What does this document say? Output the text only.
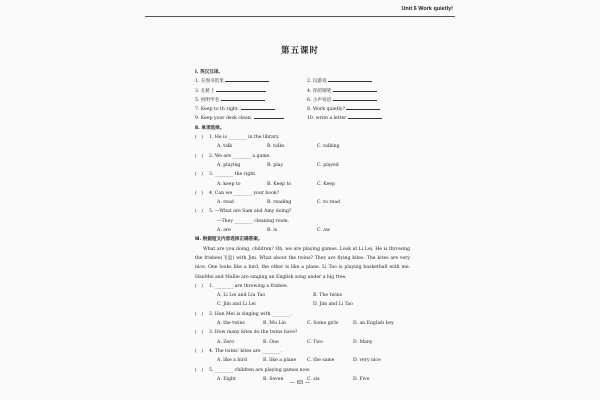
Unit 6 Work quietly!
第五课时
Ⅰ. 英汉互译。
1. 在图书馆里	2. 玩游戏
3. 在桥上	4. 你的钢笔
5. 检明学名	6. 小声说话
7. Keep to th right.	8. Work quietly?
9. Keep your desk clean.	10. write a letter
Ⅱ. 单项选择。
(   ) 1. He is ________ in the library.
A. talk	B. talks	C. talking
(   ) 2. We are ________ a game.
A. playing	B. play	C. played
(   ) 3. ________ the right.
A. keep to	B. Keep to	C. Keep
(   ) 4. Can we ________ your book?
A. read	B. reading	C. to read
(   ) 5. —What are Sam and Amy doing?
—They ________ cleaning room.
A. are	B. is	C. aw
Ⅲ. 根据短文内容选择正确答案。
What are you doing, children? Oh, we are playing games. Look at Li Lei, He is throwing the frisbee(飞盘) with Jim. What about the twins? They are flying kites. The kites are very nice. One looks like a bird, the other is like a plane. Li Tao is playing basketball with me. HanMei and Mallie are singing an English song under a big tree.
(   ) 1. ________ are throwing a frisbee.
A. Li Lei and Liu Tao	B. The twins
C. Jim and Li Lei	D. Jim and Li Tao
(   ) 2. Han Mei is singing with ________.
A. the twins	B. Mu Lin	C. Some girls	D. an English boy
(   ) 3. How many kites do the twins have?
A. Zero	B. One	C. Two	D. Many
(   ) 4. The twins' kites are ________.
A. like a bird	B. like a plane C. the same	D. very nice
(   ) 5. ________ children are playing games now.
A. Eight	B. Seven	C. six	D. Five
— 65 —
